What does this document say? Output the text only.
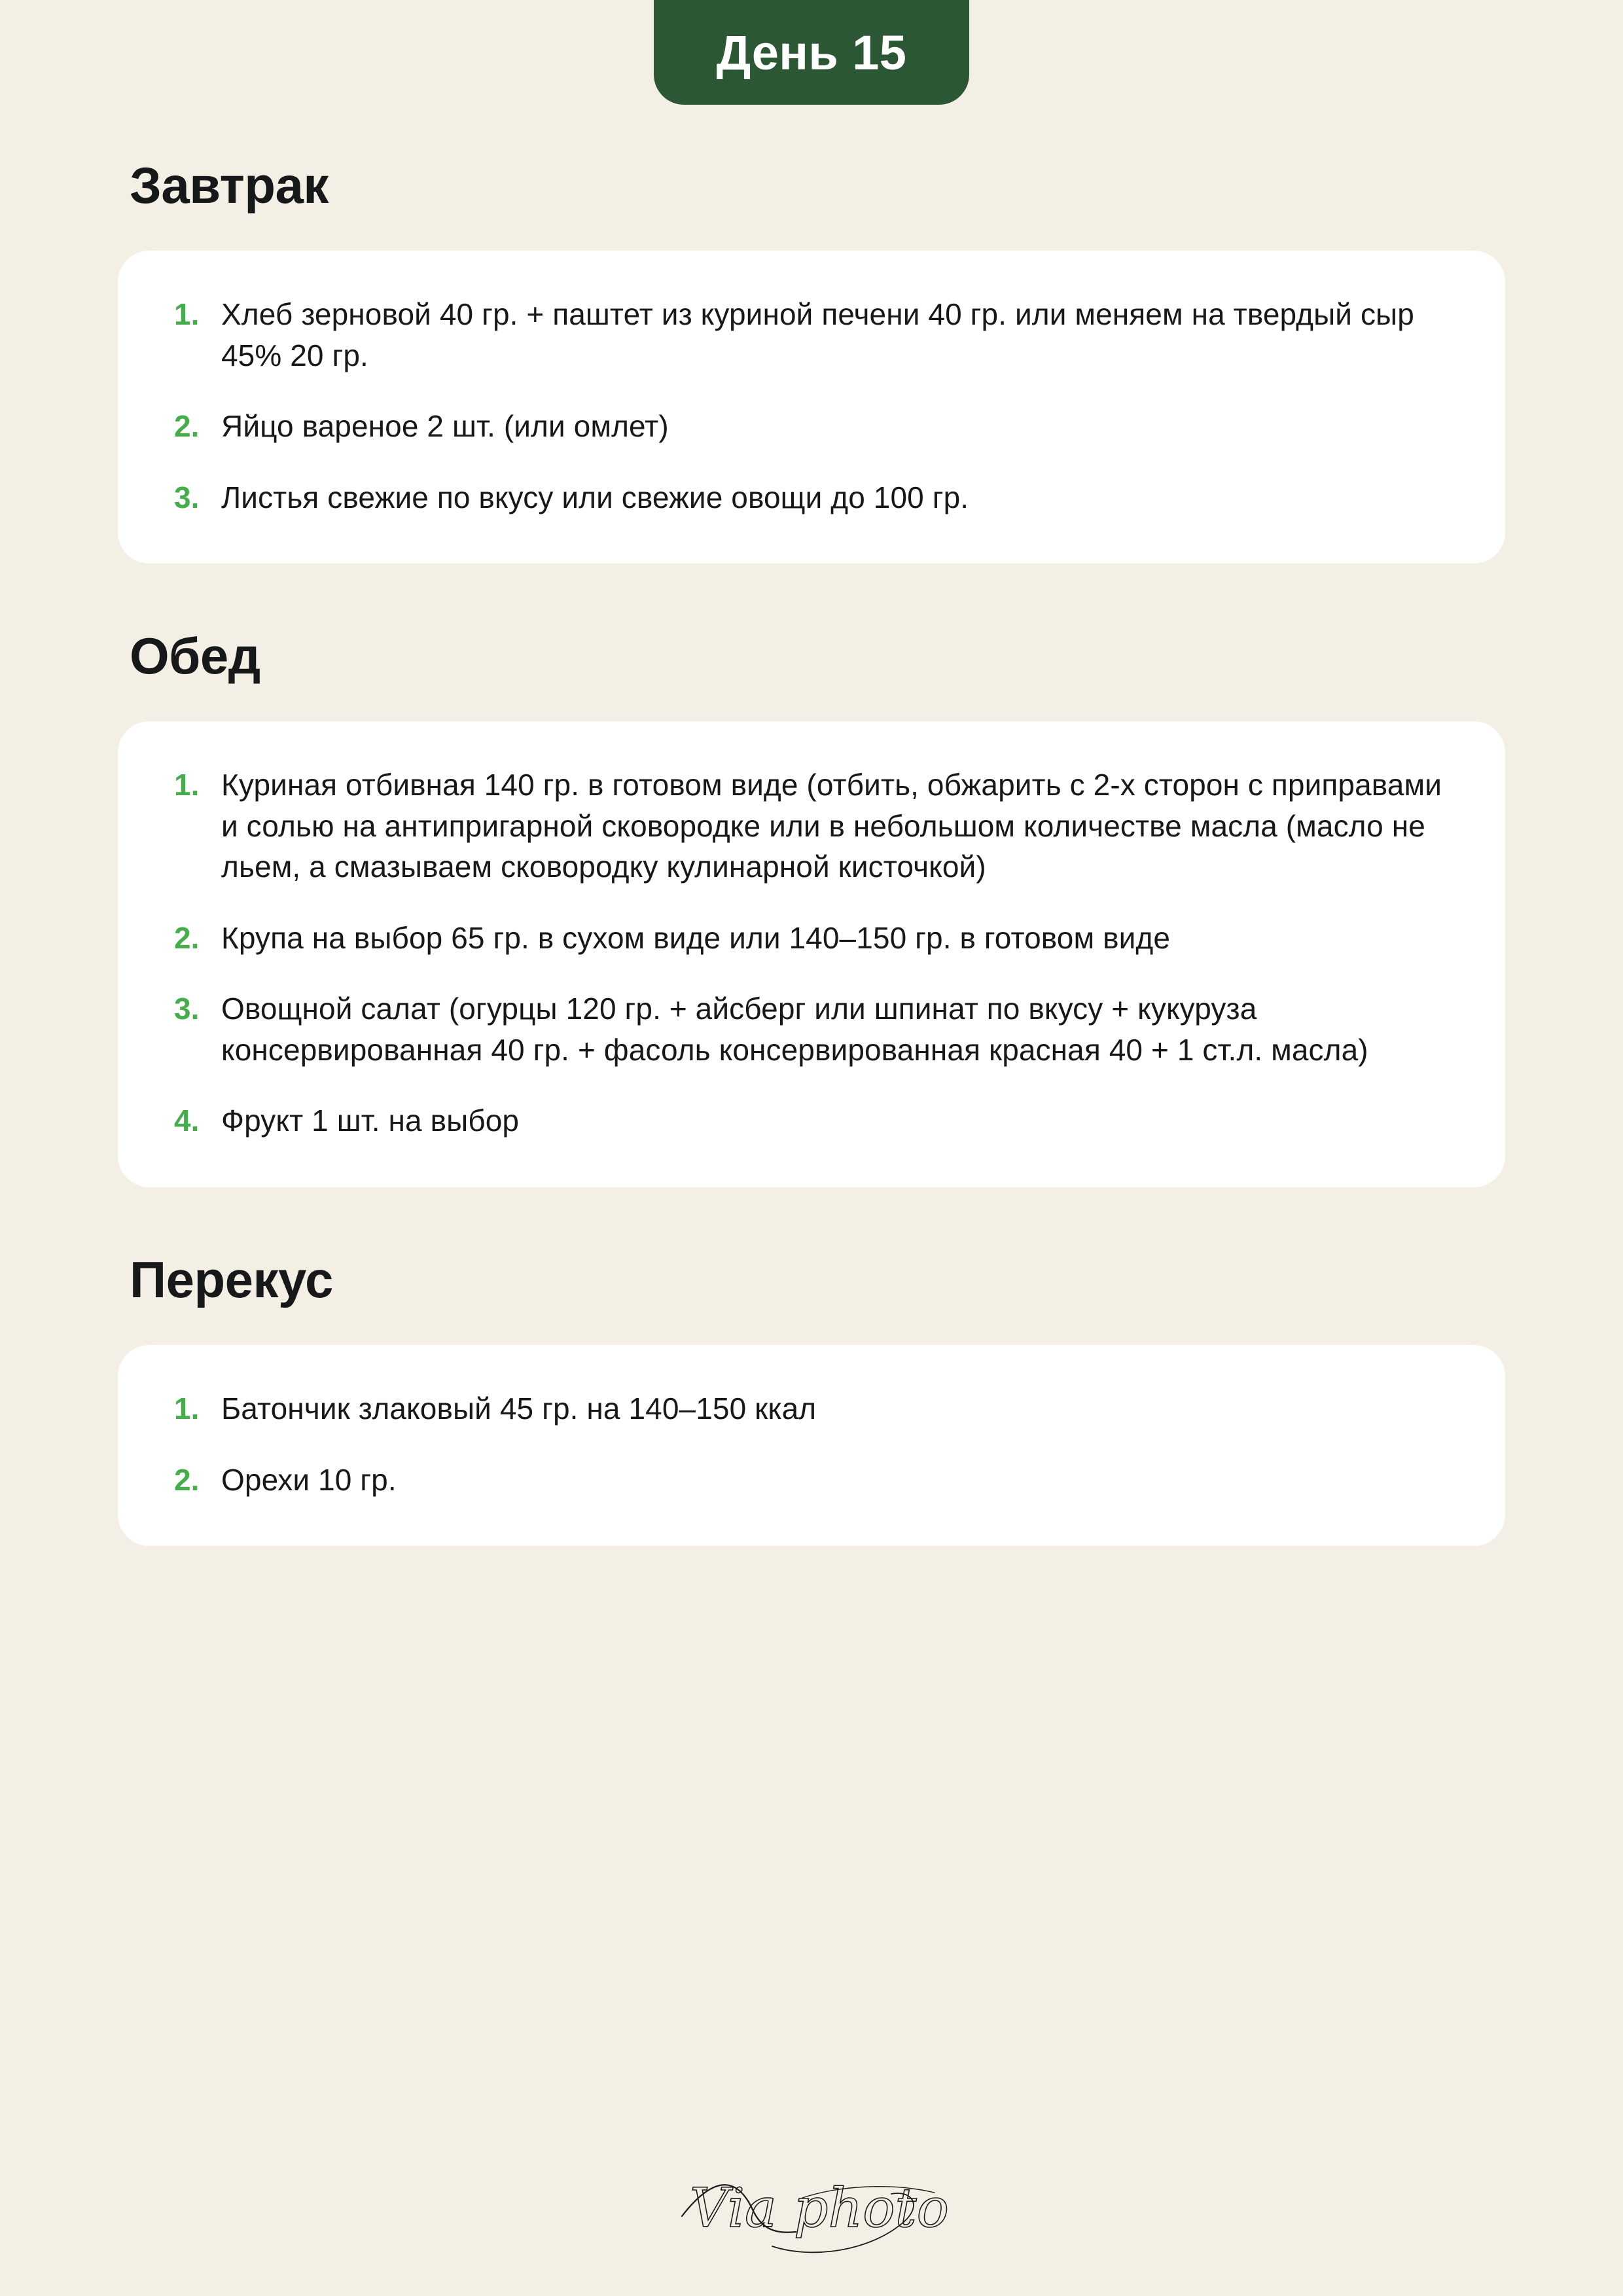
День 15
Завтрак
1. Хлеб зерновой 40 гр. + паштет из куриной печени 40 гр. или меняем на твердый сыр 45% 20 гр.
2. Яйцо вареное 2 шт. (или омлет)
3. Листья свежие по вкусу или свежие овощи до 100 гр.
Обед
1. Куриная отбивная 140 гр. в готовом виде (отбить, обжарить с 2-х сторон с приправами и солью на антипригарной сковородке или в небольшом количестве масла (масло не льем, а смазываем сковородку кулинарной кисточкой)
2. Крупа на выбор 65 гр. в сухом виде или 140–150 гр. в готовом виде
3. Овощной салат (огурцы 120 гр. + айсберг или шпинат по вкусу + кукуруза консервированная 40 гр. + фасоль консервированная красная 40 + 1 ст.л. масла)
4. Фрукт 1 шт. на выбор
Перекус
1. Батончик злаковый 45 гр. на 140–150 ккал
2. Орехи 10 гр.
Via photo
